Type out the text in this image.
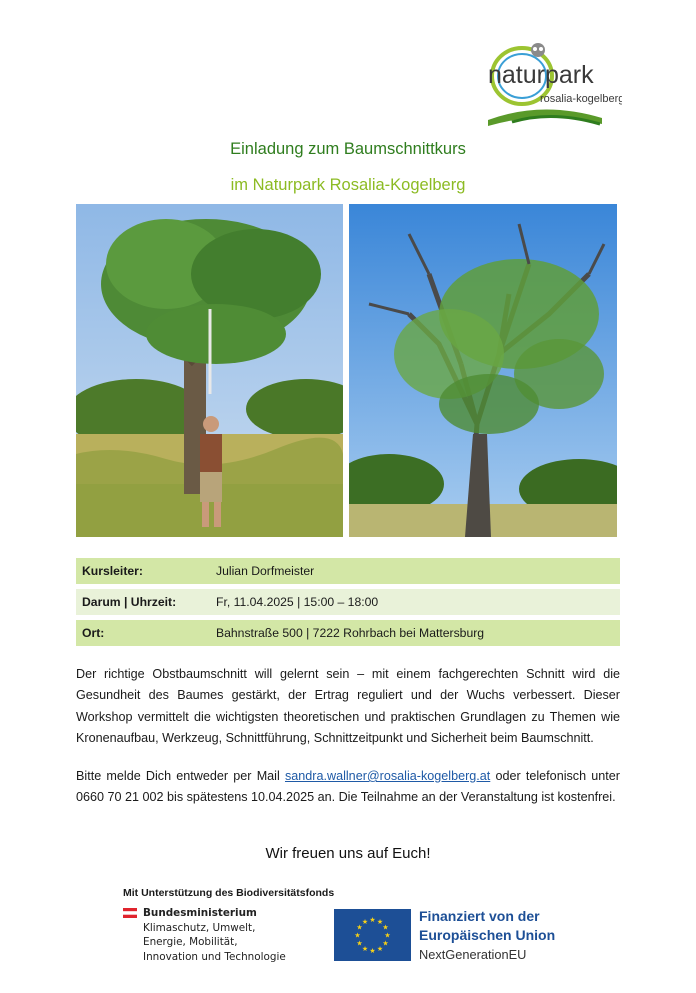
naturpark
rosalia-kogelberg
Einladung zum Baumschnittkurs
im Naturpark Rosalia-Kogelberg
Kursleiter:	Julian Dorfmeister
Darum | Uhrzeit:	Fr, 11.04.2025 | 15:00 – 18:00
Ort:	Bahnstraße 500 | 7222 Rohrbach bei Mattersburg

Der richtige Obstbaumschnitt will gelernt sein – mit einem fachgerechten Schnitt wird die Gesundheit des Baumes gestärkt, der Ertrag reguliert und der Wuchs verbessert. Dieser Workshop vermittelt die wichtigsten theoretischen und praktischen Grundlagen zu Themen wie Kronenaufbau, Werkzeug, Schnittführung, Schnittzeitpunkt und Sicherheit beim Baumschnitt.

Bitte melde Dich entweder per Mail sandra.wallner@rosalia-kogelberg.at oder telefonisch unter 0660 70 21 002 bis spätestens 10.04.2025 an. Die Teilnahme an der Veranstaltung ist kostenfrei.

Wir freuen uns auf Euch!
Mit Unterstützung des Biodiversitätsfonds
Bundesministerium
Klimaschutz, Umwelt,
Energie, Mobilität,
Innovation und Technologie
★ ★
★
★
★
★
★
★
★
★
★
★	Finanziert von der
Europäischen Union
NextGenerationEU
